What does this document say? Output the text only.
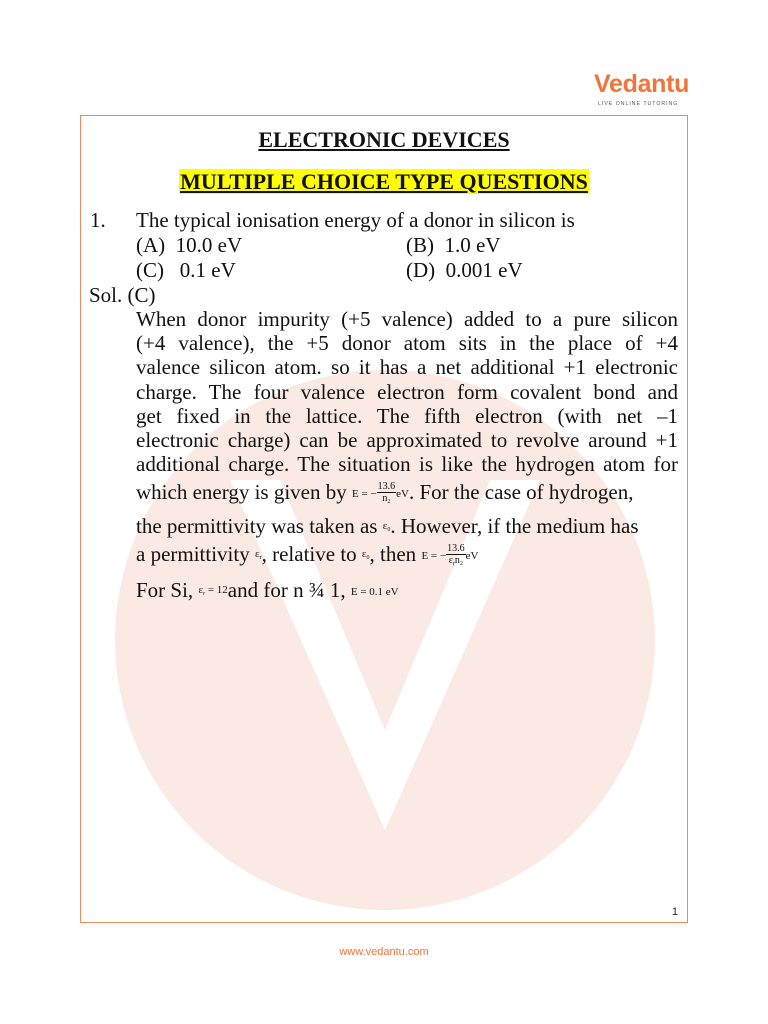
Vedantu
LIVE ONLINE TUTORING
1
ELECTRONIC DEVICES
MULTIPLE CHOICE TYPE QUESTIONS
1. The typical ionisation energy of a donor in silicon is
(A) 10.0 eV	(B) 1.0 eV
(C) 0.1 eV	(D) 0.001 eV
Sol. (C)
When donor impurity (+5 valence) added to a pure silicon
(+4 valence), the +5 donor atom sits in the place of +4
valence silicon atom. so it has a net additional +1 electronic
charge. The four valence electron form covalent bond and
get fixed in the lattice. The fifth electron (with net –1
electronic charge) can be approximated to revolve around +1
additional charge. The situation is like the hydrogen atom for
which energy is given by E = − $\frac{13.6}{n^2}$ eV. For the case of hydrogen,
the permittivity was taken as $\varepsilon_0$. However, if the medium has
a permittivity $\varepsilon_r$, relative to $\varepsilon_0$, then E = − $\frac{13.6}{\varepsilon_rn^2}$ eV
For Si, $\varepsilon_r = 12and$ for n ¾ 1, E = 0.1 eV
www.vedantu.com
